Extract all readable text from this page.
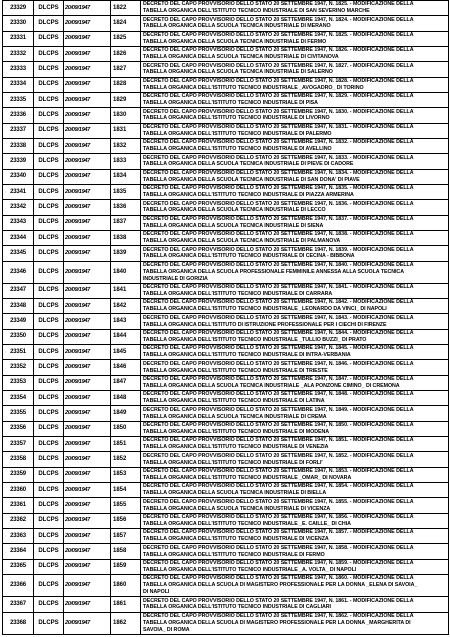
23329	DLCPS	20/09/1947	1822	DECRETO DEL CAPO PROVVISORIO DELLO STATO 20 SETTEMBRE 1947, N. 1825. - MODIFICAZIONE DELLA
TABELLA ORGANICA DELL'ISTITUTO TECNICO INDUSTRIALE DI SAN SEVERINO MARCHE

23330	DLCPS	20/09/1947	1824	DECRETO DEL CAPO PROVVISORIO DELLO STATO 20 SETTEMBRE 1947, N. 1824. - MODIFICAZIONE DELLA
TABELLA ORGANICA DELLA SCUOLA TECNICA INDUSTRIALE DI MERANO

23331	DLCPS	20/09/1947	1825	DECRETO DEL CAPO PROVVISORIO DELLO STATO 20 SETTEMBRE 1947, N. 1825. - MODIFICAZIONE DELLA
TABELLA ORGANICA DELLA SCUOLA TECNICA INDUSTRIALE DI FERMO

23332	DLCPS	20/09/1947	1826	DECRETO DEL CAPO PROVVISORIO DELLO STATO 20 SETTEMBRE 1947, N. 1826. - MODIFICAZIONE DELLA
TABELLA ORGANICA DELLA SCUOLA TECNICA INDUSTRIALE DI CIVITANOVA

23333	DLCPS	20/09/1947	1827	DECRETO DEL CAPO PROVVISORIO DELLO STATO 20 SETTEMBRE 1947, N. 1827. - MODIFICAZIONE DELLA
TABELLA ORGANICA DELLA SCUOLA TECNICA INDUSTRIALE DI SALERNO

23334	DLCPS	20/09/1947	1828	DECRETO DEL CAPO PROVVISORIO DELLO STATO 20 SETTEMBRE 1947, N. 1828. - MODIFICAZIONE DELLA
TABELLA ORGANICA DELL'ISTITUTO TECNICO INDUSTRIALE _AVOGADRO_ DI TORINO

23335	DLCPS	20/09/1947	1829	DECRETO DEL CAPO PROVVISORIO DELLO STATO 20 SETTEMBRE 1947, N. 1829. - MODIFICAZIONE DELLA
TABELLA ORGANICA DELL'ISTITUTO TECNICO INDUSTRIALE DI PISA

23336	DLCPS	20/09/1947	1830	DECRETO DEL CAPO PROVVISORIO DELLO STATO 20 SETTEMBRE 1947, N. 1830. - MODIFICAZIONE DELLA
TABELLA ORGANICA DELL'ISTITUTO TECNICO INDUSTRIALE DI LIVORNO

23337	DLCPS	20/09/1947	1831	DECRETO DEL CAPO PROVVISORIO DELLO STATO 20 SETTEMBRE 1947, N. 1831. - MODIFICAZIONE DELLA
TABELLA ORGANICA DELL'ISTITUTO TECNICO INDUSTRIALE DI PALERMO

23338	DLCPS	20/09/1947	1832	DECRETO DEL CAPO PROVVISORIO DELLO STATO 20 SETTEMBRE 1947, N. 1832. - MODIFICAZIONE DELLA
TABELLA ORGANICA DELL'ISTITUTO TECNICO INDUSTRIALE DI AVELLINO

23339	DLCPS	20/09/1947	1833	DECRETO DEL CAPO PROVVISORIO DELLO STATO 20 SETTEMBRE 1947, N. 1833. - MODIFICAZIONE DELLA
TABELLA ORGANICA DELLA SCUOLA TECNICA INDUSTRIALE DI PIEVE DI CADORE

23340	DLCPS	20/09/1947	1834	DECRETO DEL CAPO PROVVISORIO DELLO STATO 20 SETTEMBRE 1947, N. 1834. - MODIFICAZIONE DELLA
TABELLA ORGANICA DELLA SCUOLA TECNICA INDUSTRIALE DI SAN DONA' DI PIAVE

23341	DLCPS	20/09/1947	1835	DECRETO DEL CAPO PROVVISORIO DELLO STATO 20 SETTEMBRE 1947, N. 1835. - MODIFICAZIONE DELLA
TABELLA ORGANICA DELL'ISTITUTO TECNICO INDUSTRIALE DI PIAZZA ARMERINA

23342	DLCPS	20/09/1947	1836	DECRETO DEL CAPO PROVVISORIO DELLO STATO 20 SETTEMBRE 1947, N. 1836. - MODIFICAZIONE DELLA
TABELLA ORGANICA DELLA SCUOLA TECNICA INDUSTRIALE DI LECCO

23343	DLCPS	20/09/1947	1837	DECRETO DEL CAPO PROVVISORIO DELLO STATO 20 SETTEMBRE 1947, N. 1837. - MODIFICAZIONE DELLA
TABELLA ORGANICA DELLA SCUOLA TECNICA INDUSTRIALE DI SIENA

23344	DLCPS	20/09/1947	1838	DECRETO DEL CAPO PROVVISORIO DELLO STATO 20 SETTEMBRE 1947, N. 1838. - MODIFICAZIONE DELLA
TABELLA ORGANICA DELLA SCUOLA TECNICA INDUSTRIALE DI PALMANOVA

23345	DLCPS	20/09/1947	1839	DECRETO DEL CAPO PROVVISORIO DELLO STATO 20 SETTEMBRE 1947, N. 1839. - MODIFICAZIONE DELLA
TABELLA ORGANICA DELL'ISTITUTO TECNICO INDUSTRIALE DI CECINA - BIBBONA

23346	DLCPS	20/09/1947	1840	DECRETO DEL CAPO PROVVISORIO DELLO STATO 20 SETTEMBRE 1947, N. 1840. - MODIFICAZIONE DELLA
TABELLA ORGANICA DELLA SCUOLA PROFESSIONALE FEMMINILE ANNESSA ALLA SCUOLA TECNICA
INDUSTRIALE DI GORIZIA

23347	DLCPS	20/09/1947	1841	DECRETO DEL CAPO PROVVISORIO DELLO STATO 20 SETTEMBRE 1947, N. 1841. - MODIFICAZIONE DELLA
TABELLA ORGANICA DELL'ISTITUTO TECNICO INDUSTRIALE DI CARRARA

23348	DLCPS	20/09/1947	1842	DECRETO DEL CAPO PROVVISORIO DELLO STATO 20 SETTEMBRE 1947, N. 1842. - MODIFICAZIONE DELLA
TABELLA ORGANICA DELL'ISTITUTO TECNICO INDUSTRIALE _LEONARDO DA VINCI_ DI NAPOLI

23349	DLCPS	20/09/1947	1843	DECRETO DEL CAPO PROVVISORIO DELLO STATO 20 SETTEMBRE 1947, N. 1843. - MODIFICAZIONE DELLA
TABELLA ORGANICA DELL'ISTITUTO DI ISTRUZIONE PROFESSIONALE PER I CIECHI DI FIRENZE

23350	DLCPS	20/09/1947	1844	DECRETO DEL CAPO PROVVISORIO DELLO STATO 20 SETTEMBRE 1947, N. 1844. - MODIFICAZIONE DELLA
TABELLA ORGANICA DELL'ISTITUTO TECNICO INDUSTRIALE _TULLIO BUZZI_ DI PRATO

23351	DLCPS	20/09/1947	1845	DECRETO DEL CAPO PROVVISORIO DELLO STATO 20 SETTEMBRE 1947, N. 1845. - MODIFICAZIONE DELLA
TABELLA ORGANICA DELL'ISTITUTO TECNICO INDUSTRIALE DI INTRA-VERBANIA

23352	DLCPS	20/09/1947	1846	DECRETO DEL CAPO PROVVISORIO DELLO STATO 20 SETTEMBRE 1947, N. 1846. - MODIFICAZIONE DELLA
TABELLA ORGANICA DELL'ISTITUTO TECNICO INDUSTRIALE DI TRIESTE

23353	DLCPS	20/09/1947	1847	DECRETO DEL CAPO PROVVISORIO DELLO STATO 20 SETTEMBRE 1947, N. 1847. - MODIFICAZIONE DELLA
TABELLA ORGANICA DELLA SCUOLA TECNICA INDUSTRIALE _ALA PONZONE CIMINO_ DI CREMONA

23354	DLCPS	20/09/1947	1848	DECRETO DEL CAPO PROVVISORIO DELLO STATO 20 SETTEMBRE 1947, N. 1848. - MODIFICAZIONE DELLA
TABELLA ORGANICA DELL'ISTITUTO TECNICO INDUSTRIALE DI LATINA

23355	DLCPS	20/09/1947	1849	DECRETO DEL CAPO PROVVISORIO DELLO STATO 20 SETTEMBRE 1947, N. 1849. - MODIFICAZIONE DELLA
TABELLA ORGANICA DELLA SCUOLA TECNICA INDUSTRIALE DI CREMA

23356	DLCPS	20/09/1947	1850	DECRETO DEL CAPO PROVVISORIO DELLO STATO 20 SETTEMBRE 1947, N. 1850. - MODIFICAZIONE DELLA
TABELLA ORGANICA DELL'ISTITUTO TECNICO INDUSTRIALE DI MODENA

23357	DLCPS	20/09/1947	1851	DECRETO DEL CAPO PROVVISORIO DELLO STATO 20 SETTEMBRE 1947, N. 1851. - MODIFICAZIONE DELLA
TABELLA ORGANICA DELL'ISTITUTO TECNICO INDUSTRIALE DI VENEZIA

23358	DLCPS	20/09/1947	1852	DECRETO DEL CAPO PROVVISORIO DELLO STATO 20 SETTEMBRE 1947, N. 1852. - MODIFICAZIONE DELLA
TABELLA ORGANICA DELL'ISTITUTO TECNICO INDUSTRIALE DI FORLI'

23359	DLCPS	20/09/1947	1853	DECRETO DEL CAPO PROVVISORIO DELLO STATO 20 SETTEMBRE 1947, N. 1853. - MODIFICAZIONE DELLA
TABELLA ORGANICA DELL'ISTITUTO TECNICO INDUSTRIALE _OMAR_ DI NOVARA

23360	DLCPS	20/09/1947	1854	DECRETO DEL CAPO PROVVISORIO DELLO STATO 20 SETTEMBRE 1947, N. 1854. - MODIFICAZIONE DELLA
TABELLA ORGANICA DELLA SCUOLA TECNICA INDUSTRIALE DI BIELLA

23361	DLCPS	20/09/1947	1855	DECRETO DEL CAPO PROVVISORIO DELLO STATO 20 SETTEMBRE 1947, N. 1855. - MODIFICAZIONE DELLA
TABELLA ORGANICA DELLA SCUOLA TECNICA INDUSTRIALE DI VICENZA

23362	DLCPS	20/09/1947	1856	DECRETO DEL CAPO PROVVISORIO DELLO STATO 20 SETTEMBRE 1947, N. 1856. - MODIFICAZIONE DELLA
TABELLA ORGANICA DELL'ISTITUTO TECNICO INDUSTRIALE _E. CAILLE_ DI CHIA

23363	DLCPS	20/09/1947	1857	DECRETO DEL CAPO PROVVISORIO DELLO STATO 20 SETTEMBRE 1947, N. 1857. - MODIFICAZIONE DELLA
TABELLA ORGANICA DELL'ISTITUTO TECNICO INDUSTRIALE DI VICENZA

23364	DLCPS	20/09/1947	1858	DECRETO DEL CAPO PROVVISORIO DELLO STATO 20 SETTEMBRE 1947, N. 1858. - MODIFICAZIONE DELLA
TABELLA ORGANICA DELL'ISTITUTO TECNICO INDUSTRIALE DI FERMO

23365	DLCPS	20/09/1947	1859	DECRETO DEL CAPO PROVVISORIO DELLO STATO 20 SETTEMBRE 1947, N. 1859. - MODIFICAZIONE DELLA
TABELLA ORGANICA DELL'ISTITUTO TECNICO INDUSTRIALE _A. VOLTA_ DI NAPOLI

23366	DLCPS	20/09/1947	1860	DECRETO DEL CAPO PROVVISORIO DELLO STATO 20 SETTEMBRE 1947, N. 1860. - MODIFICAZIONE DELLA
TABELLA ORGANICA DELLA SCUOLA DI MAGISTERO PROFESSIONALE PER LA DONNA _ELENA DI SAVOIA_
DI NAPOLI

23367	DLCPS	20/09/1947	1861	DECRETO DEL CAPO PROVVISORIO DELLO STATO 20 SETTEMBRE 1947, N. 1861. - MODIFICAZIONE DELLA
TABELLA ORGANICA DELL'ISTITUTO TECNICO INDUSTRIALE DI CAGLIARI

23368	DLCPS	20/09/1947	1862	DECRETO DEL CAPO PROVVISORIO DELLO STATO 20 SETTEMBRE 1947, N. 1862. - MODIFICAZIONE DELLA
TABELLA ORGANICA DELLA SCUOLA DI MAGISTERO PROFESSIONALE PER LA DONNA _MARGHERITA DI
SAVOIA_ DI ROMA
